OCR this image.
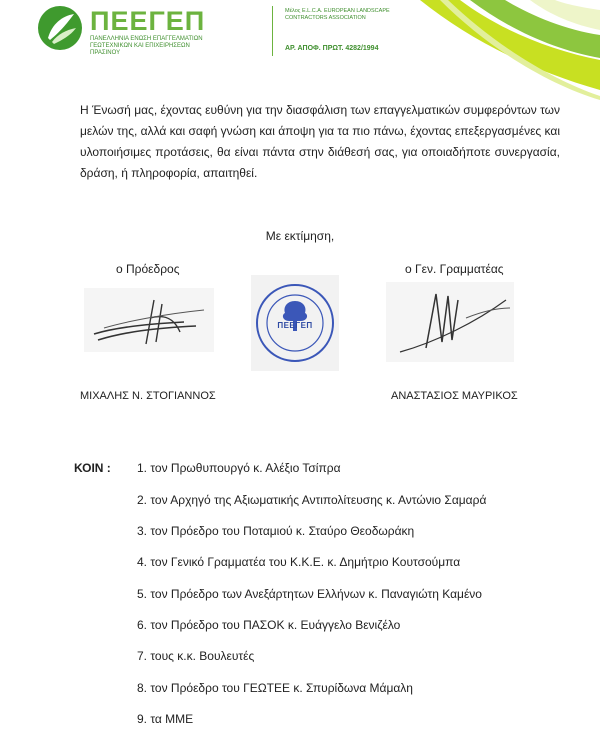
ΠΕΕΓΕΠ
ΠΑΝΕΛΛΗΝΙΑ ΕΝΩΣΗ ΕΠΑΓΓΕΛΜΑΤΙΩΝ ΓΕΩΤΕΧΝΙΚΩΝ ΚΑΙ ΕΠΙΧΕΙΡΗΣΕΩΝ ΠΡΑΣΙΝΟΥ
Μέλος E.L.C.A. EUROPEAN LANDSCAPE CONTRACTORS ASSOCIATION
ΑΡ. ΑΠΟΦ. ΠΡΩΤ. 4282/1994
Η Ένωσή μας, έχοντας ευθύνη για την διασφάλιση των επαγγελματικών συμφερόντων των μελών της, αλλά και σαφή γνώση και άποψη για τα πιο πάνω, έχοντας επεξεργασμένες και υλοποιήσιμες προτάσεις, θα είναι πάντα στην διάθεσή σας, για οποιαδήποτε συνεργασία, δράση, ή πληροφορία, απαιτηθεί.
Με εκτίμηση,
ο Πρόεδρος	ο Γεν. Γραμματέας
ΠΕΕΓΕΠ
ΜΙΧΑΛΗΣ Ν. ΣΤΟΓΙΑΝΝΟΣ	ΑΝΑΣΤΑΣΙΟΣ ΜΑΥΡΙΚΟΣ
ΚΟΙΝ : 1. τον Πρωθυπουργό κ. Αλέξιο Τσίπρα
2. τον Αρχηγό της Αξιωματικής Αντιπολίτευσης κ. Αντώνιο Σαμαρά
3. τον Πρόεδρο του Ποταμιού κ. Σταύρο Θεοδωράκη
4. τον Γενικό Γραμματέα του Κ.Κ.Ε. κ. Δημήτριο Κουτσούμπα
5. τον Πρόεδρο των Ανεξάρτητων Ελλήνων κ. Παναγιώτη Καμένο
6. τον Πρόεδρο του ΠΑΣΟΚ κ. Ευάγγελο Βενιζέλο
7. τους κ.κ. Βουλευτές
8. τον Πρόεδρο του ΓΕΩΤΕΕ κ. Σπυρίδωνα Μάμαλη
9. τα ΜΜΕ
